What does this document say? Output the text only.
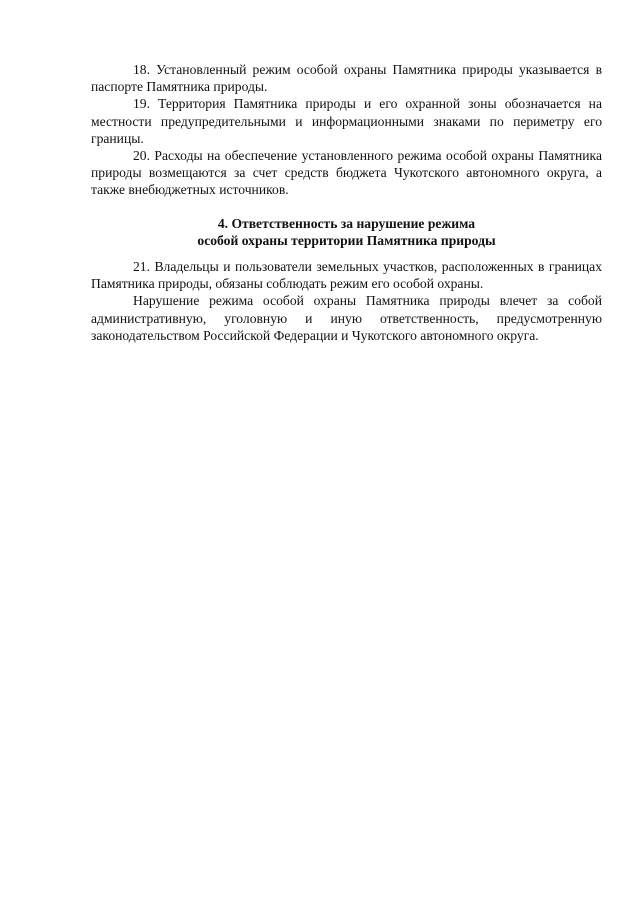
18. Установленный режим особой охраны Памятника природы указывается в паспорте Памятника природы.

19. Территория Памятника природы и его охранной зоны обозначается на местности предупредительными и информационными знаками по периметру его границы.

20. Расходы на обеспечение установленного режима особой охраны Памятника природы возмещаются за счет средств бюджета Чукотского автономного округа, а также внебюджетных источников.

4. Ответственность за нарушение режима
особой охраны территории Памятника природы

21. Владельцы и пользователи земельных участков, расположенных в границах Памятника природы, обязаны соблюдать режим его особой охраны.

Нарушение режима особой охраны Памятника природы влечет за собой административную, уголовную и иную ответственность, предусмотренную законодательством Российской Федерации и Чукотского автономного округа.
